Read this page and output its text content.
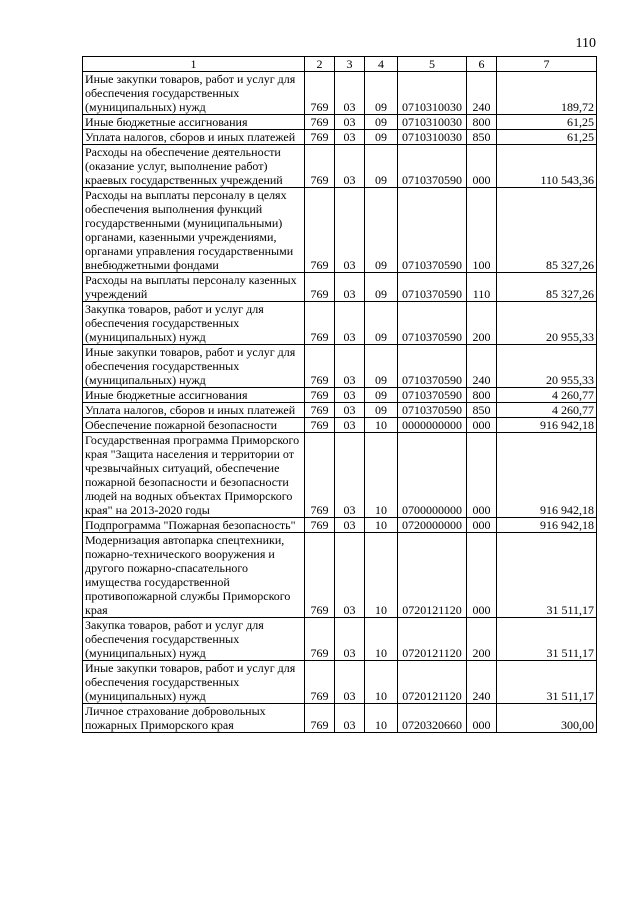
110
1	2	3	4	5	6	7
Иные закупки товаров, работ и услуг для обеспечения государственных (муниципальных) нужд	769	03	09	0710310030	240	189,72
Иные бюджетные ассигнования	769	03	09	0710310030	800	61,25
Уплата налогов, сборов и иных платежей	769	03	09	0710310030	850	61,25
Расходы на обеспечение деятельности (оказание услуг, выполнение работ) краевых государственных учреждений	769	03	09	0710370590	000	110 543,36
Расходы на выплаты персоналу в целях обеспечения выполнения функций государственными (муниципальными) органами, казенными учреждениями, органами управления государственными внебюджетными фондами	769	03	09	0710370590	100	85 327,26
Расходы на выплаты персоналу казенных учреждений	769	03	09	0710370590	110	85 327,26
Закупка товаров, работ и услуг для обеспечения государственных (муниципальных) нужд	769	03	09	0710370590	200	20 955,33
Иные закупки товаров, работ и услуг для обеспечения государственных (муниципальных) нужд	769	03	09	0710370590	240	20 955,33
Иные бюджетные ассигнования	769	03	09	0710370590	800	4 260,77
Уплата налогов, сборов и иных платежей	769	03	09	0710370590	850	4 260,77
Обеспечение пожарной безопасности	769	03	10	0000000000	000	916 942,18
Государственная программа Приморского края "Защита населения и территории от чрезвычайных ситуаций, обеспечение пожарной безопасности и безопасности людей на водных объектах Приморского края" на 2013-2020 годы	769	03	10	0700000000	000	916 942,18
Подпрограмма "Пожарная безопасность"	769	03	10	0720000000	000	916 942,18
Модернизация автопарка спецтехники, пожарно-технического вооружения и другого пожарно-спасательного имущества государственной противопожарной службы Приморского края	769	03	10	0720121120	000	31 511,17
Закупка товаров, работ и услуг для обеспечения государственных (муниципальных) нужд	769	03	10	0720121120	200	31 511,17
Иные закупки товаров, работ и услуг для обеспечения государственных (муниципальных) нужд	769	03	10	0720121120	240	31 511,17
Личное страхование добровольных пожарных Приморского края	769	03	10	0720320660	000	300,00
